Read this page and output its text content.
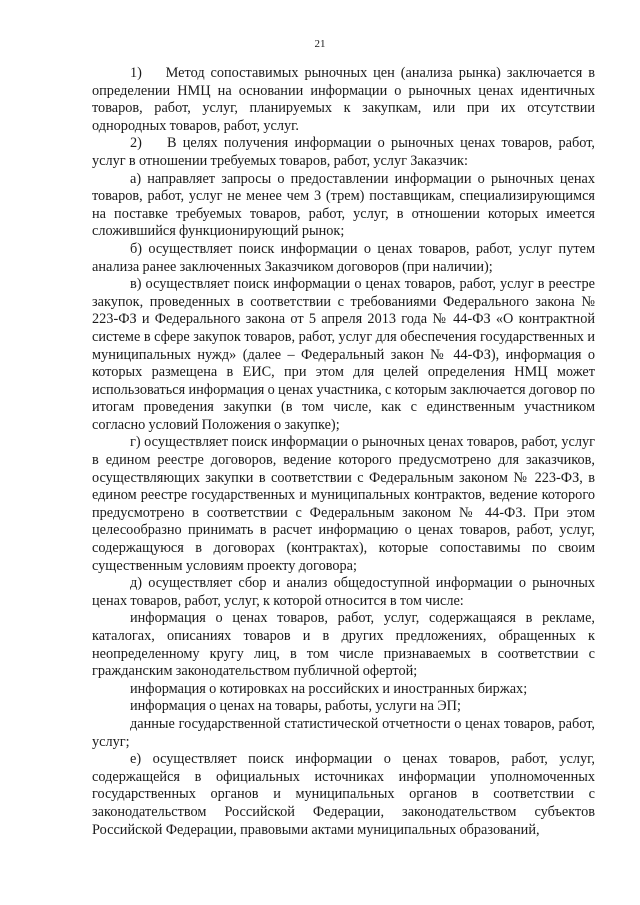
21

1)    Метод сопоставимых рыночных цен (анализа рынка) заключается в определении НМЦ на основании информации о рыночных ценах идентичных товаров, работ, услуг, планируемых к закупкам, или при их отсутствии однородных товаров, работ, услуг.

2)    В целях получения информации о рыночных ценах товаров, работ, услуг в отношении требуемых товаров, работ, услуг Заказчик:

а) направляет запросы о предоставлении информации о рыночных ценах товаров, работ, услуг не менее чем 3 (трем) поставщикам, специализирующимся на поставке требуемых товаров, работ, услуг, в отношении которых имеется сложившийся функционирующий рынок;

б) осуществляет поиск информации о ценах товаров, работ, услуг путем анализа ранее заключенных Заказчиком договоров (при наличии);

в) осуществляет поиск информации о ценах товаров, работ, услуг в реестре закупок, проведенных в соответствии с требованиями Федерального закона № 223-ФЗ и Федерального закона от 5 апреля 2013 года № 44-ФЗ «О контрактной системе в сфере закупок товаров, работ, услуг для обеспечения государственных и муниципальных нужд» (далее – Федеральный закон № 44-ФЗ), информация о которых размещена в ЕИС, при этом для целей определения НМЦ может использоваться информация о ценах участника, с которым заключается договор по итогам проведения закупки (в том числе, как с единственным участником согласно условий Положения о закупке);

г) осуществляет поиск информации о рыночных ценах товаров, работ, услуг в едином реестре договоров, ведение которого предусмотрено для заказчиков, осуществляющих закупки в соответствии с Федеральным законом № 223-ФЗ, в едином реестре государственных и муниципальных контрактов, ведение которого предусмотрено в соответствии с Федеральным законом № 44-ФЗ. При этом целесообразно принимать в расчет информацию о ценах товаров, работ, услуг, содержащуюся в договорах (контрактах), которые сопоставимы по своим существенным условиям проекту договора;

д) осуществляет сбор и анализ общедоступной информации о рыночных ценах товаров, работ, услуг, к которой относится в том числе:

информация о ценах товаров, работ, услуг, содержащаяся в рекламе, каталогах, описаниях товаров и в других предложениях, обращенных к неопределенному кругу лиц, в том числе признаваемых в соответствии с гражданским законодательством публичной офертой;

информация о котировках на российских и иностранных биржах;

информация о ценах на товары, работы, услуги на ЭП;

данные государственной статистической отчетности о ценах товаров, работ, услуг;

е) осуществляет поиск информации о ценах товаров, работ, услуг, содержащейся в официальных источниках информации уполномоченных государственных органов и муниципальных органов в соответствии с законодательством Российской Федерации, законодательством субъектов Российской Федерации, правовыми актами муниципальных образований,
